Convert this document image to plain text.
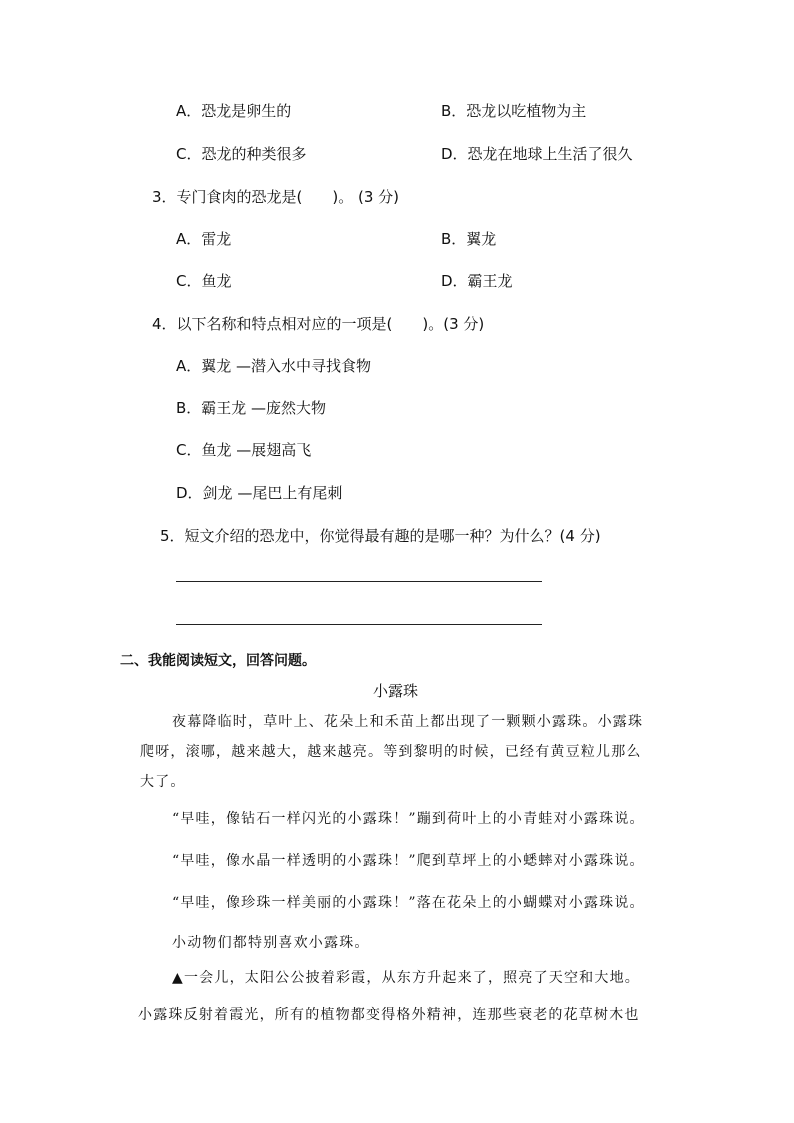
A．恐龙是卵生的	B．恐龙以吃植物为主
C．恐龙的种类很多	D．恐龙在地球上生活了很久
3．专门食肉的恐龙是(　　)。 (3 分)
A．雷龙	B．翼龙
C．鱼龙	D．霸王龙
4．以下名称和特点相对应的一项是(　　)。(3 分)
A．翼龙 —潜入水中寻找食物
B．霸王龙 —庞然大物
C．鱼龙 —展翅高飞
D．剑龙 —尾巴上有尾刺
5．短文介绍的恐龙中，你觉得最有趣的是哪一种？为什么？(4 分)
二、我能阅读短文，回答问题。
小露珠
夜幕降临时，草叶上、花朵上和禾苗上都出现了一颗颗小露珠。小露珠
爬呀，滚哪，越来越大，越来越亮。等到黎明的时候，已经有黄豆粒儿那么
大了。
“早哇，像钻石一样闪光的小露珠！”蹦到荷叶上的小青蛙对小露珠说。
“早哇，像水晶一样透明的小露珠！”爬到草坪上的小蟋蟀对小露珠说。
“早哇，像珍珠一样美丽的小露珠！”落在花朵上的小蝴蝶对小露珠说。
小动物们都特别喜欢小露珠。
▲一会儿，太阳公公披着彩霞，从东方升起来了，照亮了天空和大地。
小露珠反射着霞光，所有的植物都变得格外精神，连那些衰老的花草树木也
